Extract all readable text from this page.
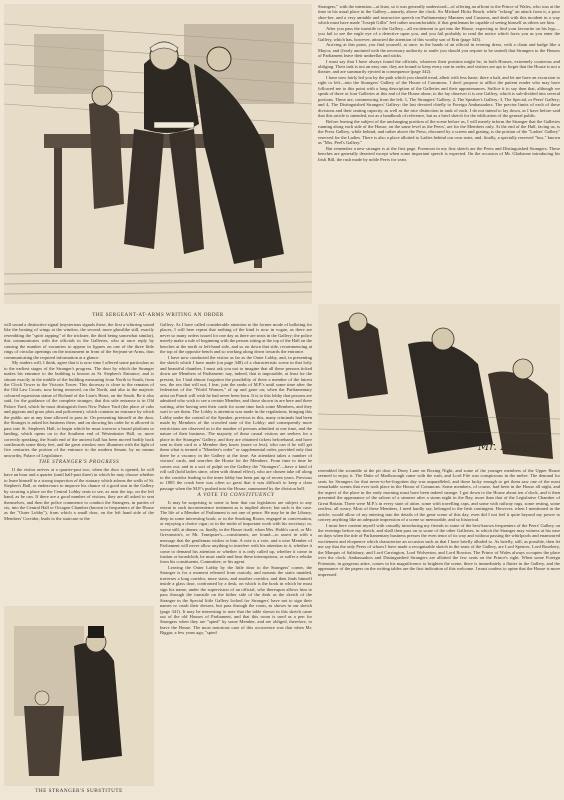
THE SERGEANT-AT-ARMS WRITING AN ORDER

Strangers," with the intention—at least, so it was generally understood—of offering an affront to the Prince of Wales, who was at the time in his usual place in the Gallery—namely, above the clock. Sir Michael Hicks Beach, while "ecking" an attack from it, a poor shoe-ker, and a very amiable and instructive speech on Parliamentary Manners and Customs, and dealt with this incident in a way which must have made "Joseph Gillis" feel rather uncomfortable, if that gentleman be capable of seeing himself as others see him.

After you pass the turnstile to the Gallery—all excitement to get into the House, expecting to find your favourite on his legs—you fail to see the eagle eye of a detective upon you, and you fail probably to read the notice which faces you as you enter the Gallery, which has, however, attracted the attention of this worthy son of Erin (page 343).

Arriving at this point, you find yourself, at once, in the hands of an official in evening dress, with a chain and badge like a Mayor; and (fearly anointed with the necessary authority to smile you should you require to be seated) that Strangers to the Houses of Parliament leave their umbrellas and sticks.

I must say that I have always found the officials, whatever their position might be, in both Houses, extremely courteous and obliging. Their task is not an easy one, they are bound to keep every one in order, and visitors are apt to forget that the House is not a theatre, and are summarily ejected in consequence (page 342).

I have now fairly led you by the path which you should tread, albeit with less haste; there a halt, and let me have an excursion to right or left—into the Strangers' Gallery of the House of Commons. I don't propose to afflict the patient reader who may have followed me to this point with a long description of the Galleries and their appurtenances. Suffice it to say then that, although we speak of three or four Galleries at this end of the House alone, to the lay observer it is one Gallery, which is sub-divided into several portions. These are, commencing from the left, 1, The Strangers' Gallery; 2, The Speaker's Gallery; 3, The Special, or Peers' Gallery; and 4, The Distinguished Strangers' Gallery: the last devoted chiefly to Foreign Ambassadors. The precise limits of each of these divisions and their seating capacity, as well as the nice distinction in rank of each, I do not intend to lay down, as I have before said that this article is intended, not as a handbook of reference, but as a brief sketch for the edification of the general public.

Before leaving the subject of the unchanging position of the scene before us, I will merely inform the Stranger that the Galleries running along each side of the House, on the same level as the Peers', are for the Members only. At the end of the Hall, facing us, is the Press Gallery, while behind, and rather above the Press, obscured by a screen and grating, is the portion of the "Ladies' Gallery" reserved for the Ladies. There is also a place allotted to Ladies behind our own seats, and, finally, a specially reserved "box," known as "Mrs. Peel's Gallery."

But remember a new stranger is at the first page. Foremost in my first sketch are the Peers and Distinguished Strangers. These benches are generally deserted except when some important speech is expected. On the occasion of Mr. Gladstone introducing his Irish Bill, the rush made by noble Peers for seats

Mr. Beggs

will sound a distinctive signal (mysterious signals these, the first a whirring sound like the beating of wings at the window, the second, more ghostlike still, exactly resembling the "spirit rapping" of the trickster, the third being somewhat similar), this communicates with the officials in the Galleries, who at once reply by causing the number of vacancies to appear in figures on one of the three little rings of circular openings on the instrument in front of the Serjeant-at-Arms, thus communicating the required information at a glance.

My readers will, I think, agree that it is now time I offered some particulars as to the earliest stages of the Stranger's progress. The door by which the Stranger makes his entrance to the building is known as St. Stephen's Entrance, and is situate exactly in the middle of the building measuring from North to South, from the Clock Tower to the Victoria Tower. This doorway is close to the remains of the Old Law Courts, now being removed, on the North, and also to the majestic coloured equestrian statue of Richard of the Lion's Heart, on the South. Be it also said, for the guidance of the complete stranger, that this side entrance is in Old Palace Yard, which he must distinguish from New Palace Yard (the place of cabs and pigeons and grass plots and policemen), which contains no entrance by which the public are at any time allowed to pass in. On presenting himself at the door, the Stranger is asked his business there, and on showing his order he is allowed to pass into St. Stephen's Hall, to begin which he must traverse a broad platform or landing, which opens on to the Southern end of Westminster Hall, or, more correctly speaking, the South end of the ancient hall has been moved bodily back southwards some thirty feet, and the great window now illumines with the light of five centuries the portion of the entrance to the modern Senate, by no means unworthy, Palace of Legislature.

THE STRANGER'S PROGRESS

If the visitor arrives at a quarter-past two, when the door is opened, he will have an hour and a quarter (until half-past three) in which he may choose whether to learn himself to a strong inspection of the statuary which adorns the walls of St. Stephen's Hall, or endeavours to improve his chance of a good seat in the Gallery by securing a place on the Central Lobby seats to see, as near the top, on the left hand, as he can. If there are a good number of visitors, they are all asked to seat themselves, and then the police commence to conduct the Strangers, in parties of six, into the Central Hall or Octagon Chamber (known to frequenters of the House as the "Outer Lobby"), from which a small door, on the left hand side of the Members' Corridor, leads to the staircase to the

Gallery. As I have called considerable attention to the former mode of balloting for places, I will here repeat that nothing of the kind is now in vogue, as there are never so many orders issued for one day as there are seats in the Gallery; the police merely make a rule of beginning with the person sitting at the top of the Hall on the benches at the north or left-hand side, and so on down that side, recommencing at the top of the opposite bench and so working along down towards the entrance.

I have now conducted the visitor as far as the Outer Lobby, and, in presenting the sketch which I have made (on page 348) of a characteristic scene in that lofty and beautiful chamber, I must ask you not to imagine that all these persons ticked down are Members of Parliament: nay, indeed, that is impossible, at least for the present, for I had almost forgotten the possibility of there a member of the fairest sex, the sex that will not, I fear, join the ranks of M.P.'s until some time after the federation of the "World Women," of up and gone on; when the Parliamentary artist on Punch will wish he had never been born. It is to this lobby that persons are admitted who wish to see a certain Member, and those shown in are here and there waiting, after having sent their cards for some time back some Members, and they wait to see them. The Lobby is attention was made in the regulations, bringing this Lobby under the control of the Speaker, previous to this, many criminals had been made by Members of the crowded state of the Lobby; and consequently more restrictions are observed as to the number of persons admitted at one time, and the nature of their business. The majority of these casual visitors are seekers for a place in the Strangers' Gallery, and they are obtained tickets beforehand, and have sent in their card to a Member they know (more or less), who can if he will get them what is termed a "Member's order" or supplemental order, provided only that there be a vacancy in the Gallery at the time. An attendant takes a number of visitors' cards, and searches the House for the Members. From time to time he comes out, and in a sort of pulpit on the Gallery the "Strangers"—have a kind of roll call (hold ladies since, often with dismal effect), who are chosen take off along to the corridor leading to the inner lobby has been put up of recent years. Previous to 1885 the crush here was often so great that it was difficult to keep a clear passage when the M.P.'s pushed into the House, summoned by the division bell.

A VOTE TO CONSTITUENCY

It may be surprising to some to hear that our legislators are subject to any extent to such inconvenience treatment as is implied above; but such is the case. The life of a Member of Parliament is not one of peace. He may be in the Library, deep in some interesting book; or in the Smoking Room, engaged in conversation, or enjoying a choice cigar; or in the midst of important work with his secretary; or, worse still, at dinner; or, finally, in the House itself, when Mrs. Hobb's carol, or Mr. Grevanstin's, or Mr. Trampster's—constituents, are found—to assert in with a message that the gentleman wishes to him. A vote is a vote, and a wise Member of Parliament will never allow anything to interfere with his attention to it, whether it come to demand his attention or whether it is only called up, whether it come in fustian or broadcloth, he must smile and hear these interruptions, or suffer a rebuke from his constituents, Committee, or his agent.

Leaving the Outer Lobby by the little door to the Strangers' corner, the Stranger is for a moment released from custody, and mounts the stairs unaided, traverses a long corridor, more stairs, and another corridor, and then finds himself inside a glass door, confronted by a desk, on which is the book in which he must sign his name, under the supervision of an official, who thereupon allows him to pass through the turnstile on the hither side of the desk as the sketch of the Stranger in the Special little Gallery locked for Strangers' have not to sign their names or crush their dresses, but pass through the room, as shown in our sketch (page 341). It may be interesting to note that the table shown in this sketch came out of the old Houses of Parliament, and that this room is used as a pen for Strangers when they are "spied" by some Member, and are obliged, therefore, to leave the House. The most notorious case of this occurrence was that when Mr. Biggar, a few years ago, "spied

THE STRANGER'S SUBSTITUTE

resembled the scramble at the pit door at Drury Lane on Boxing Night, and some of the younger members of the Upper House seemed to enjoy it. The Duke of Marlborough came with the rush, and Lord Fife was conspicuous in the melee. The demand for seats for Strangers for that never-to-be-forgotten day was unparalleled, and those lucky enough to get them saw one of the most remarkable scenes that ever took place in the House of Commons. Some members, of course, had been in the House all night, and the aspect of the place in the early morning must have been indeed strange. I got down to the House about ten o'clock, and it then presented the appearance of the saloon of a steamer after a storm night in the Bay, more than that of the Legislative Chamber of Great Britain. There were M.P.'s in every state of attire, some with travelling caps, and some with railway rugs, some resting, some restless, all weary. Most of these Members, I need hardly say, belonged to the Irish contingent. However, when I mentioned in the article, would allow of my entering into the details of the great scene of this day, even did I not feel it quite beyond my power to convey anything like an adequate impression of a scene so memorable, and so historical.

I must here content myself with casually introducing my friends to some of the best-known frequenters of the Peers' Gallery on the evenings before my sketch, and shall then pass on to some of the other Galleries, in which the Stranger may witness at his ease on days when the tide of Parliamentary business presses the even tenor of its way and without passing the whirlpools and enamoured excitement and eloquence which characterize an occasion such as that I have briefly alluded to. As briefly, still, as possible, then let me say that the only Peers of whom I have made a recognisable sketch in the seats of the Gallery, are Lord Spencer, Lord Rosebery, the Marquis of Salisbury, and Lord Carrington, Lord Wolverton, and Lord Rowton. The Prince of Wales always occupies the place over the clock. Ambassadors and Distinguished Strangers are allotted the few seats on the Prince's right. When some Foreign Potentate, in gorgeous attire, comes in his magnificence to brighten the scene, there is immediately a flutter in the Gallery, and the appearance of the papers on the writing tables are the first indication of this welcome. I must confess to opine that the House is more impressed
